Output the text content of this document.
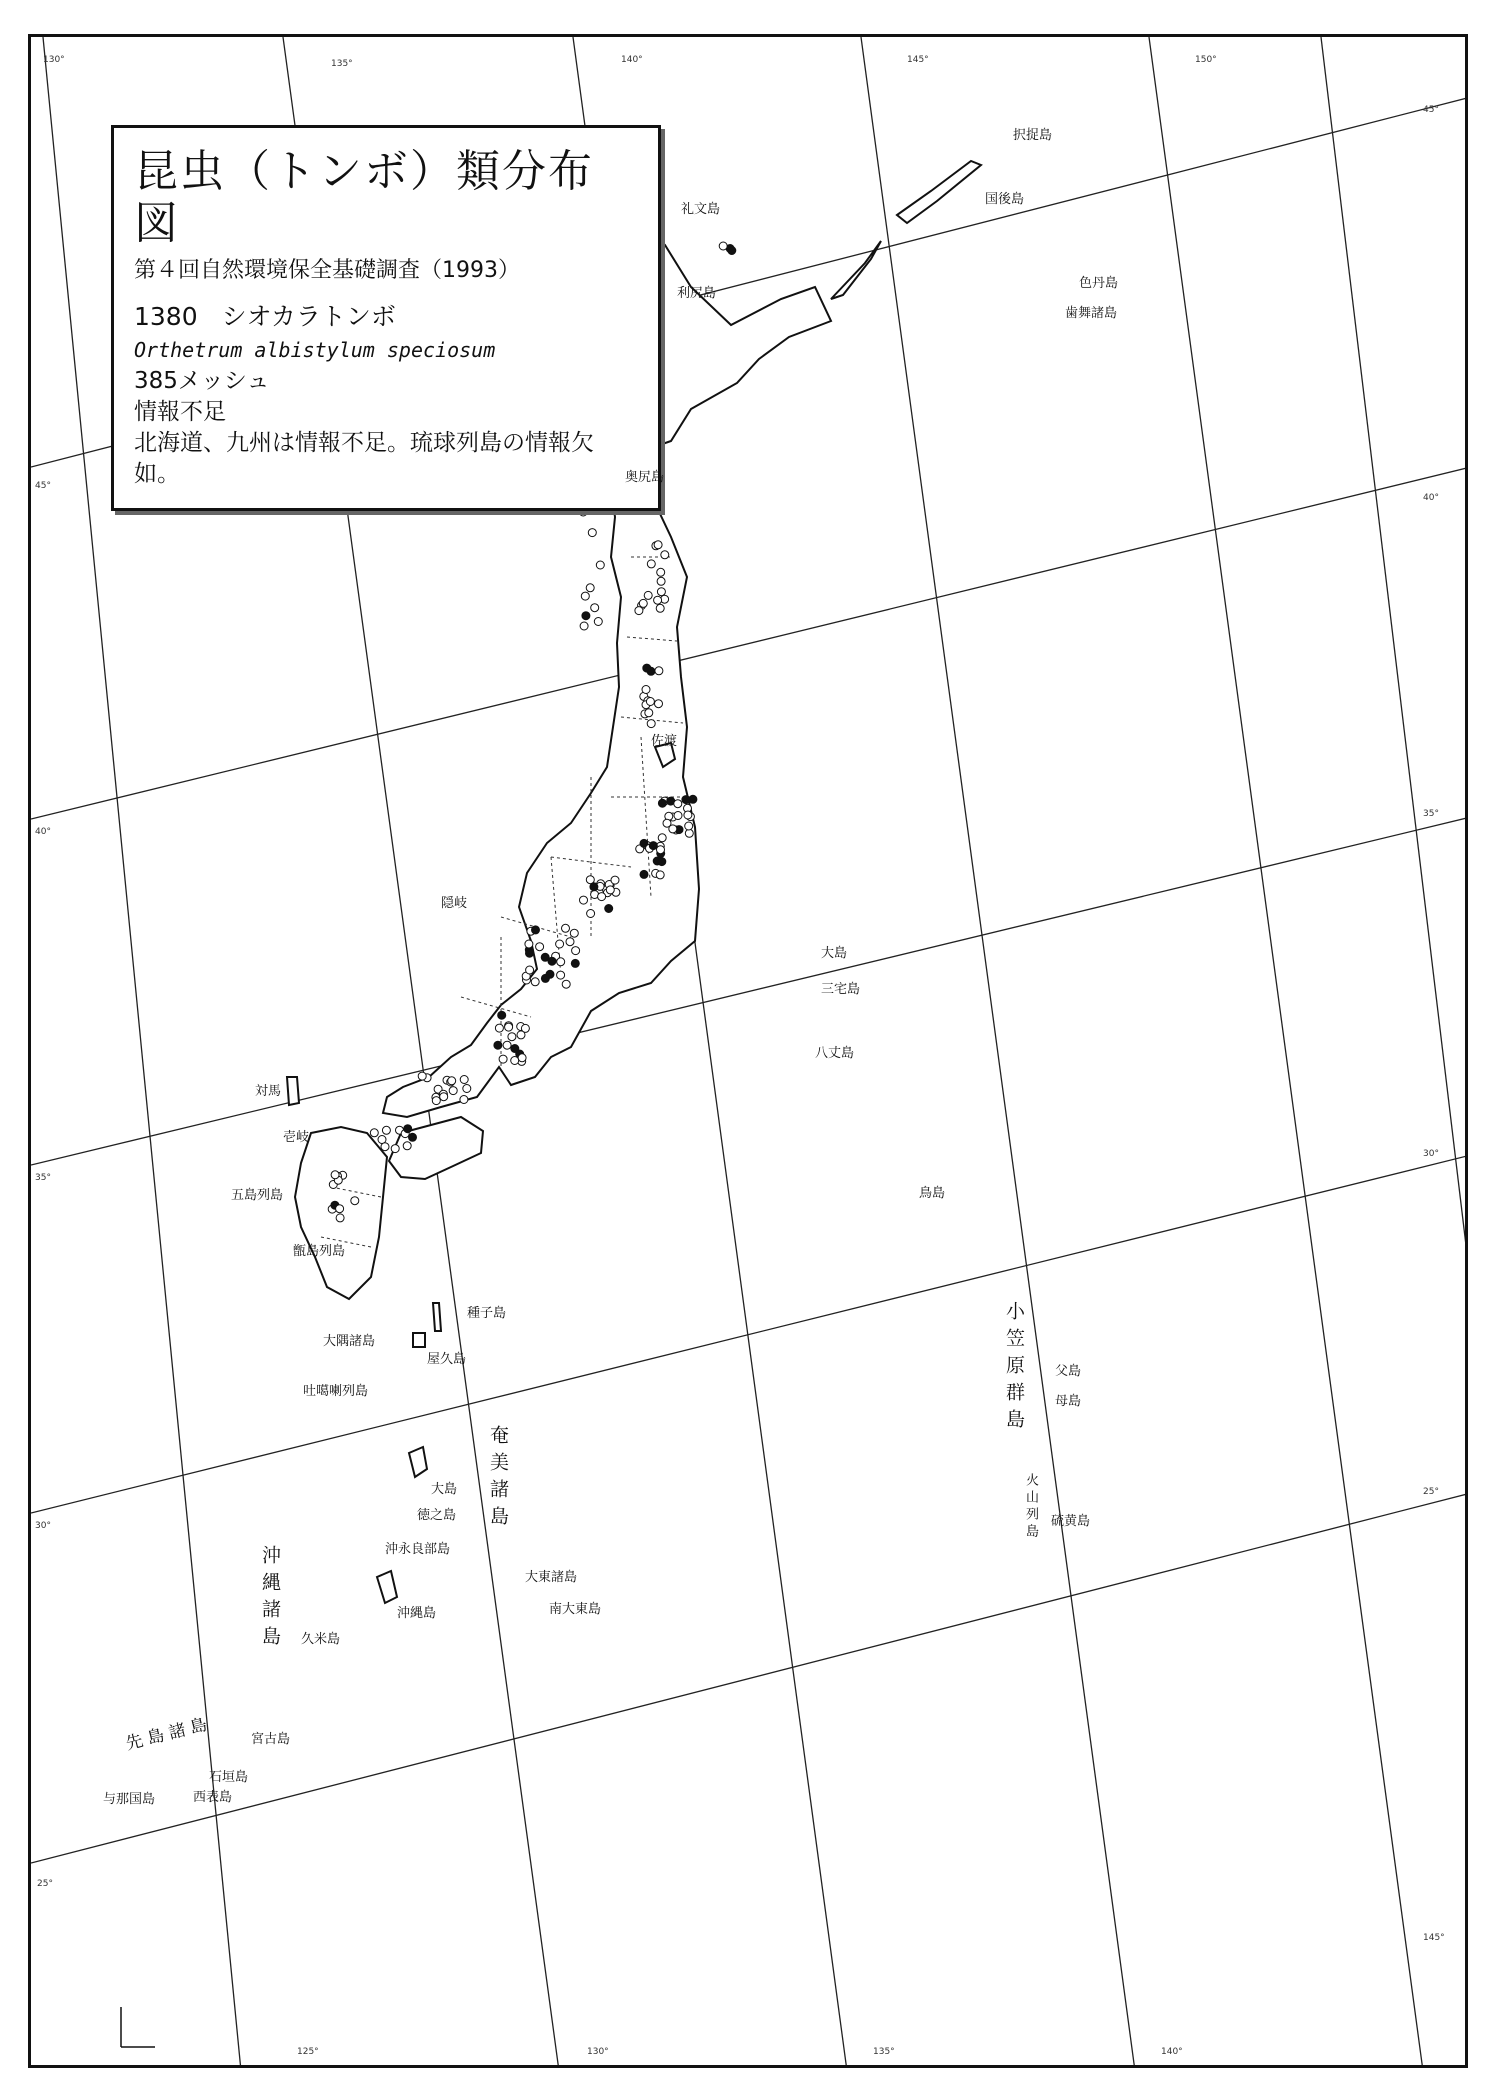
昆虫（トンボ）類分布図
第４回自然環境保全基礎調査（1993）
1380 シオカラトンボ
Orthetrum albistylum speciosum
385メッシュ
情報不足
北海道、九州は情報不足。琉球列島の情報欠如。
択捉島
国後島
色丹島
歯舞諸島
礼文島
利尻島
奥尻島
佐渡
隠岐
大島
三宅島
八丈島
鳥島
対馬
壱岐
五島列島
甑島列島
種子島
大隅諸島
屋久島
吐噶喇列島
大島
徳之島
沖永良部島
沖縄島
久米島
大東諸島
南大東島
父島
母島
硫黄島
宮古島
石垣島
西表島
与那国島
小笠原群島
奄美諸島
沖縄諸島
火山列島
先島諸島
130°	135°	140°	145°	150°
45°
40°
35°
30°
25°
45°
40°
35°
30°
25°
125°	130°	135°	140°
145°
